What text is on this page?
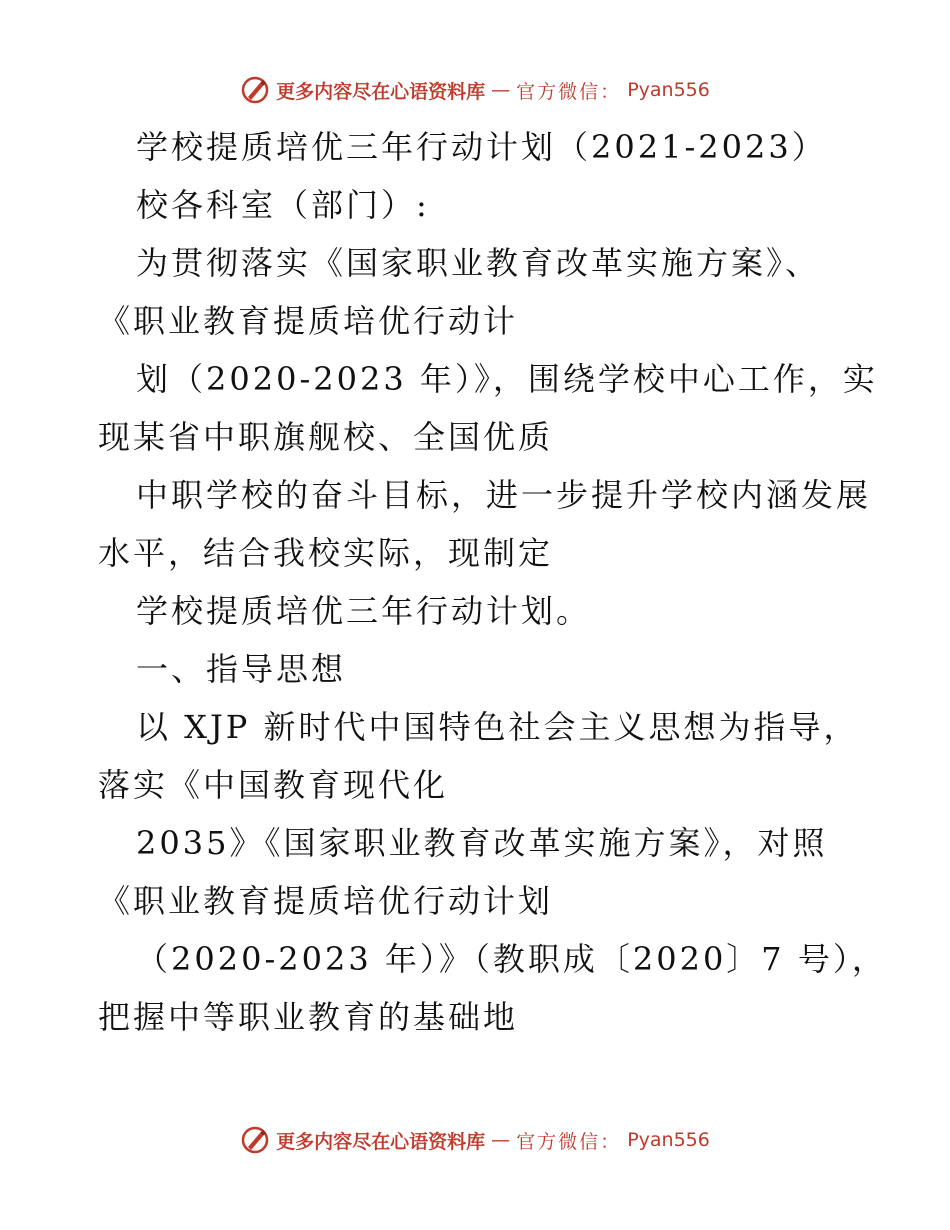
更多内容尽在心语资料库 — 官方微信： Pyan556
学校提质培优三年行动计划（2021-2023）
校各科室（部门）:
为贯彻落实《国家职业教育改革实施方案》、
《职业教育提质培优行动计
划（2020-2023 年）》，围绕学校中心工作，实
现某省中职旗舰校、全国优质
中职学校的奋斗目标，进一步提升学校内涵发展
水平，结合我校实际，现制定
学校提质培优三年行动计划。
一、指导思想
以 XJP 新时代中国特色社会主义思想为指导，
落实《中国教育现代化
2035》《国家职业教育改革实施方案》，对照
《职业教育提质培优行动计划
（2020-2023 年）》（教职成〔2020〕7 号），
把握中等职业教育的基础地
更多内容尽在心语资料库 — 官方微信： Pyan556
